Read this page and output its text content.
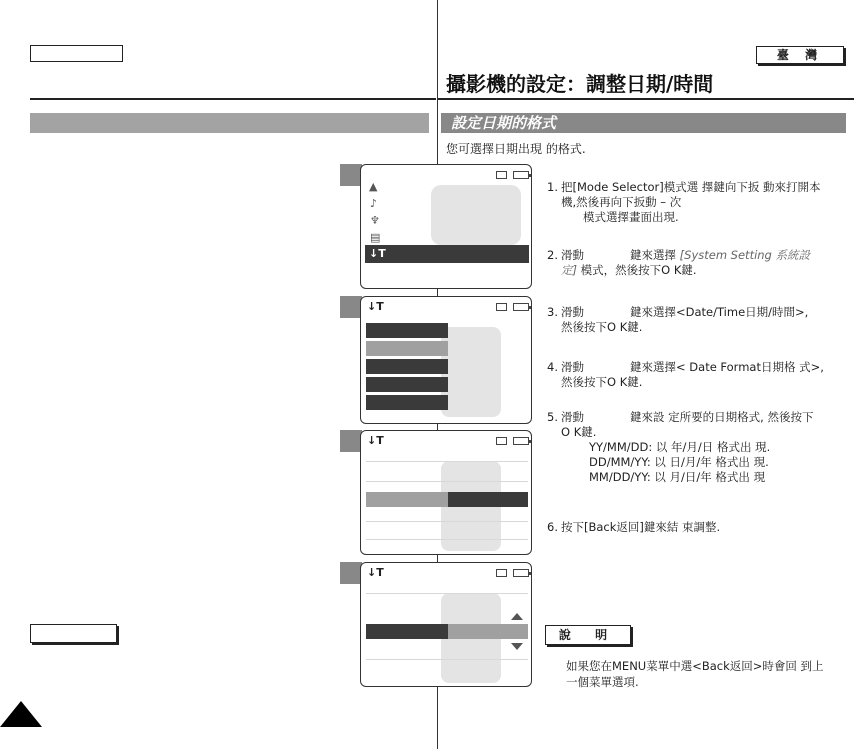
臺 灣
攝影機的設定：調整日期/時間
設定日期的格式
您可選擇日期出現 的格式.
▲
♪
♆
▤
↓T
↓T
↓T
↓T
1. 把[Mode Selector]模式選 擇鍵向下扳 動來打開本
機,然後再向下扳動 – 次
模式選擇畫面出現.
2. 滑動	鍵來選擇 [System Setting 系統設
定] 模式，然後按下O K鍵.
3. 滑動	鍵來選擇<Date/Time日期/時間>,
然後按下O K鍵.
4. 滑動	鍵來選擇< Date Format日期格 式>,
然後按下O K鍵.
5. 滑動	鍵來設 定所要的日期格式, 然後按下
O K鍵.
YY/MM/DD: 以 年/月/日 格式出 現.
DD/MM/YY: 以 日/月/年 格式出 現.
MM/DD/YY: 以 月/日/年 格式出 現
6. 按下[Back返回]鍵來結 束調整.
說 明
如果您在MENU菜單中選<Back返回>時會回 到上
一個菜單選項.
